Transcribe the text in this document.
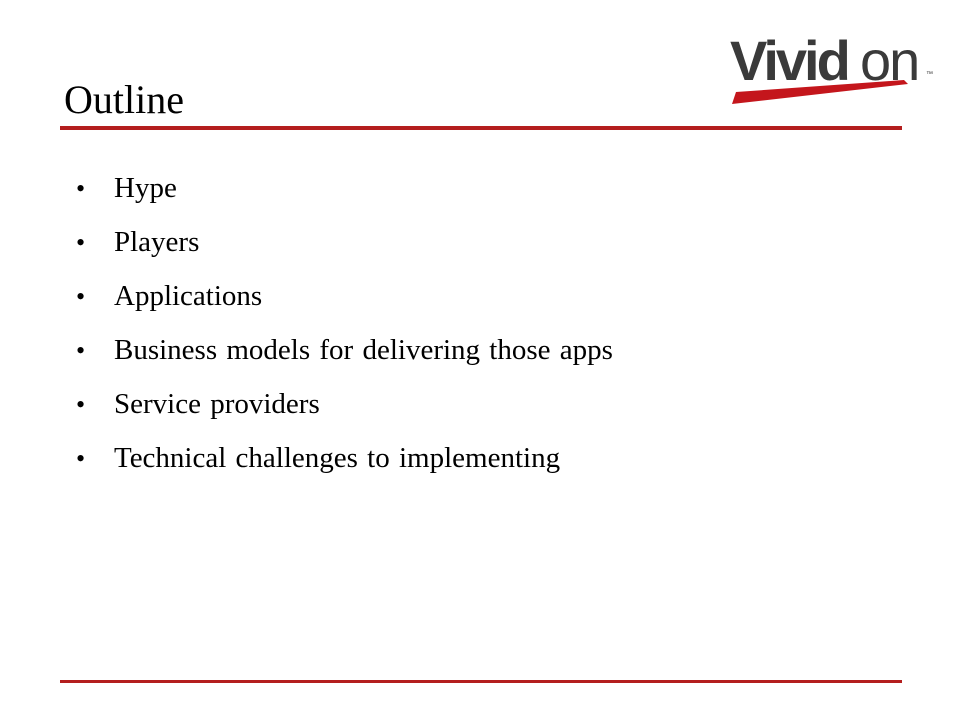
Vivid on ™
Outline
• Hype
• Players
• Applications
• Business models for delivering those apps
• Service providers
• Technical challenges to implementing
